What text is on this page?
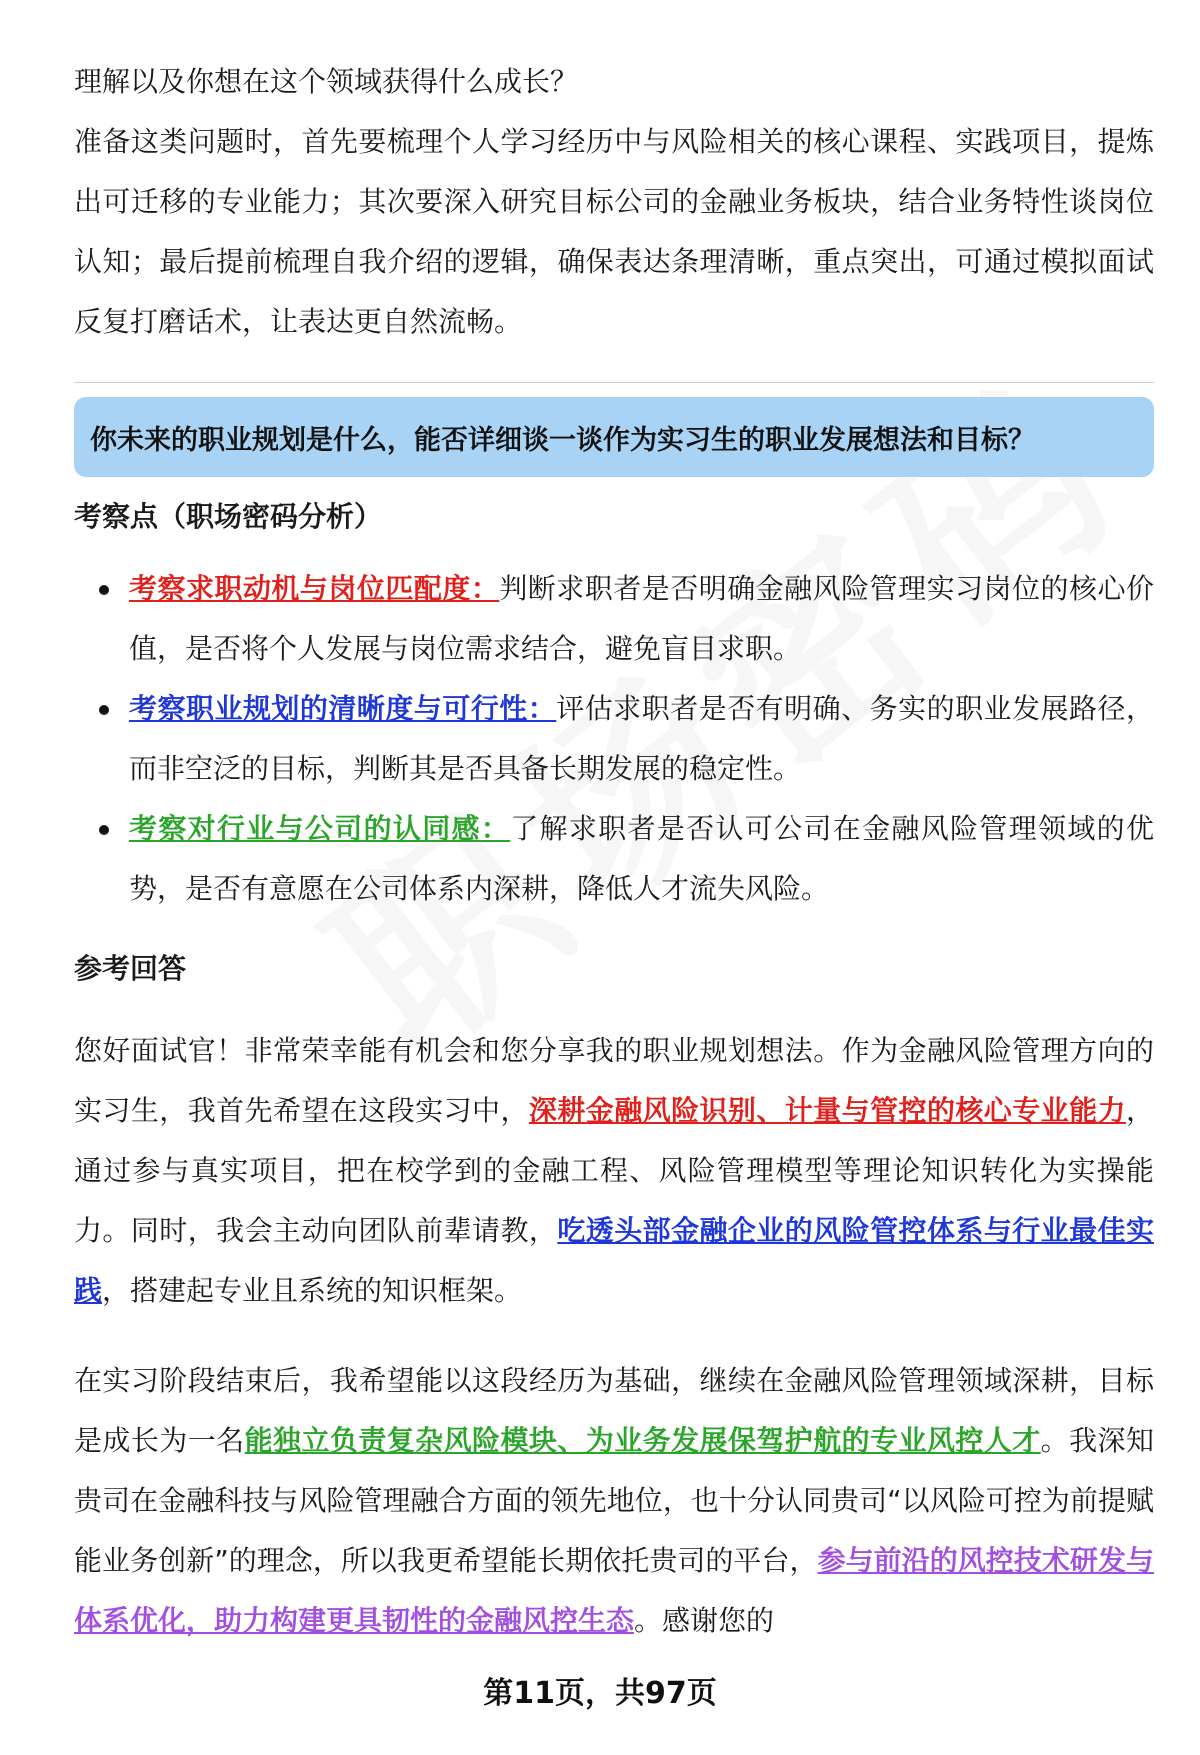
理解以及你想在这个领域获得什么成长？

准备这类问题时，首先要梳理个人学习经历中与风险相关的核心课程、实践项目，提炼出可迁移的专业能力；其次要深入研究目标公司的金融业务板块，结合业务特性谈岗位认知；最后提前梳理自我介绍的逻辑，确保表达条理清晰，重点突出，可通过模拟面试反复打磨话术，让表达更自然流畅。

你未来的职业规划是什么，能否详细谈一谈作为实习生的职业发展想法和目标？
考察点（职场密码分析）
考察求职动机与岗位匹配度：判断求职者是否明确金融风险管理实习岗位的核心价值，是否将个人发展与岗位需求结合，避免盲目求职。
考察职业规划的清晰度与可行性：评估求职者是否有明确、务实的职业发展路径，而非空泛的目标，判断其是否具备长期发展的稳定性。
考察对行业与公司的认同感：了解求职者是否认可公司在金融风险管理领域的优势，是否有意愿在公司体系内深耕，降低人才流失风险。
参考回答

您好面试官！非常荣幸能有机会和您分享我的职业规划想法。作为金融风险管理方向的实习生，我首先希望在这段实习中，深耕金融风险识别、计量与管控的核心专业能力，通过参与真实项目，把在校学到的金融工程、风险管理模型等理论知识转化为实操能力。同时，我会主动向团队前辈请教，吃透头部金融企业的风险管控体系与行业最佳实践，搭建起专业且系统的知识框架。

在实习阶段结束后，我希望能以这段经历为基础，继续在金融风险管理领域深耕，目标是成长为一名能独立负责复杂风险模块、为业务发展保驾护航的专业风控人才。我深知贵司在金融科技与风险管理融合方面的领先地位，也十分认同贵司“以风险可控为前提赋能业务创新”的理念，所以我更希望能长期依托贵司的平台，参与前沿的风控技术研发与体系优化，助力构建更具韧性的金融风控生态。感谢您的

第11页，共97页
